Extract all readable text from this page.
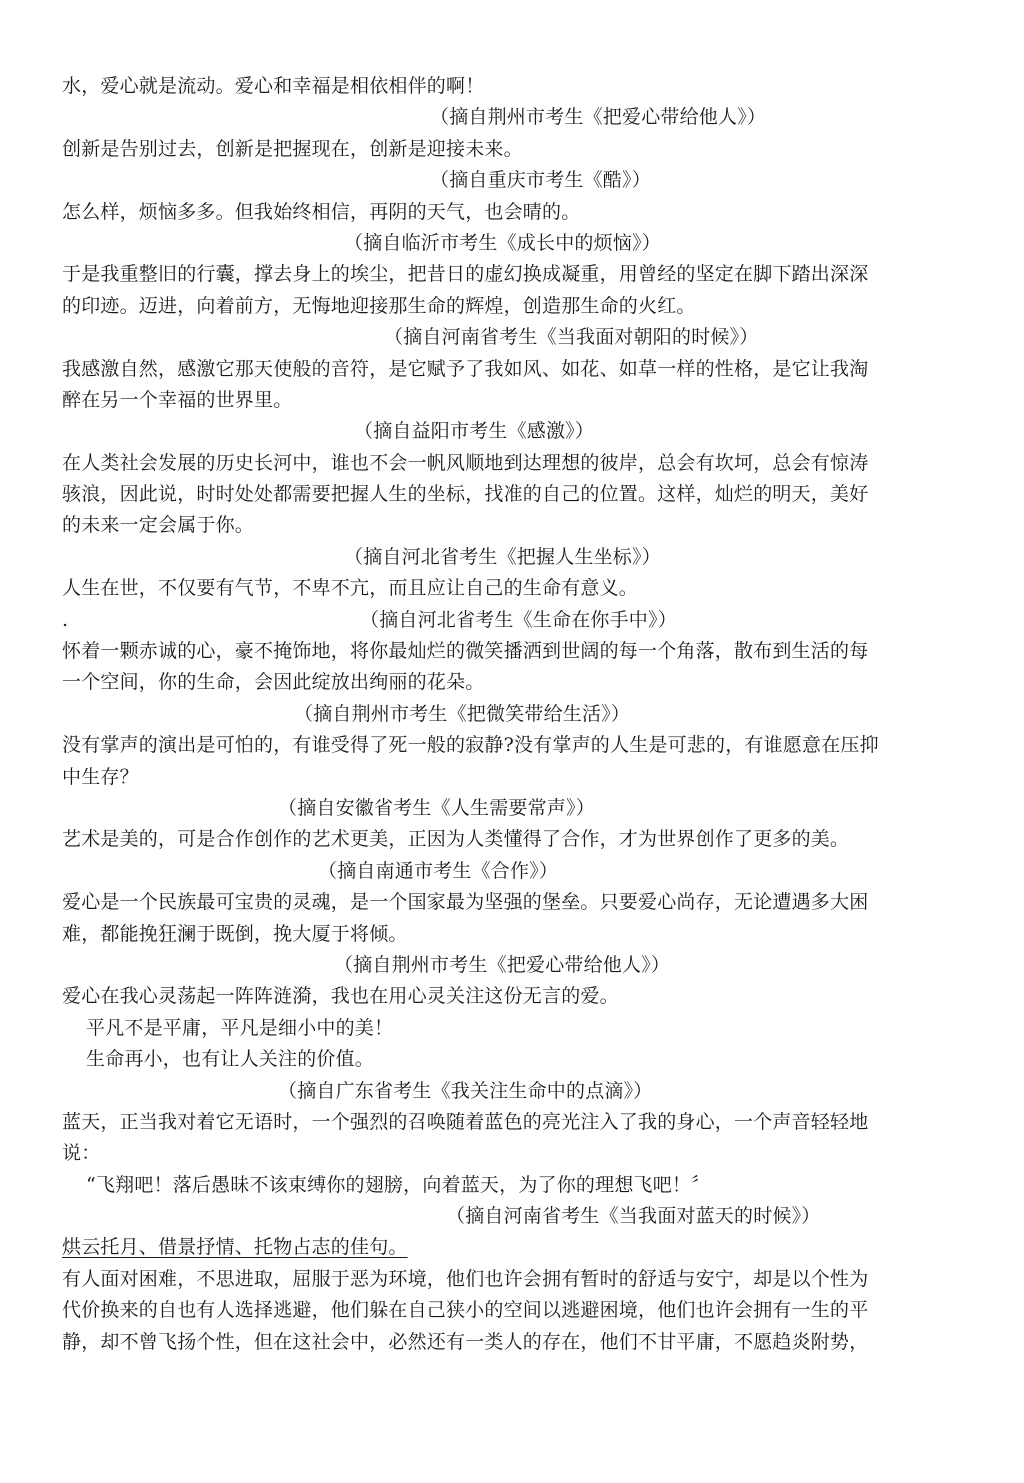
水，爱心就是流动。爱心和幸福是相依相伴的啊！
（摘自荆州市考生《把爱心带给他人》）
创新是告别过去，创新是把握现在，创新是迎接未来。
（摘自重庆市考生《酷》）
怎么样，烦恼多多。但我始终相信，再阴的天气，也会晴的。
（摘自临沂市考生《成长中的烦恼》）
于是我重整旧的行囊，撑去身上的埃尘，把昔日的虚幻换成凝重，用曾经的坚定在脚下踏出深深
的印迹。迈进，向着前方，无悔地迎接那生命的辉煌，创造那生命的火红。
（摘自河南省考生《当我面对朝阳的时候》）
我感激自然，感激它那天使般的音符，是它赋予了我如风、如花、如草一样的性格，是它让我淘
醉在另一个幸福的世界里。
（摘自益阳市考生《感激》）
在人类社会发展的历史长河中，谁也不会一帆风顺地到达理想的彼岸，总会有坎坷，总会有惊涛
骇浪，因此说，时时处处都需要把握人生的坐标，找准的自己的位置。这样，灿烂的明天，美好
的未来一定会属于你。
（摘自河北省考生《把握人生坐标》）
人生在世，不仅要有气节，不卑不亢，而且应让自己的生命有意义。
.	（摘自河北省考生《生命在你手中》）
怀着一颗赤诚的心，豪不掩饰地，将你最灿烂的微笑播洒到世阔的每一个角落，散布到生活的每
一个空间，你的生命，会因此绽放出绚丽的花朵。
（摘自荆州市考生《把微笑带给生活》）
没有掌声的演出是可怕的，有谁受得了死一般的寂静?没有掌声的人生是可悲的，有谁愿意在压抑
中生存？
（摘自安徽省考生《人生需要常声》）
艺术是美的，可是合作创作的艺术更美，正因为人类懂得了合作，才为世界创作了更多的美。
（摘自南通市考生《合作》）
爱心是一个民族最可宝贵的灵魂，是一个国家最为坚强的堡垒。只要爱心尚存，无论遭遇多大困
难，都能挽狂澜于既倒，挽大厦于将倾。
（摘自荆州市考生《把爱心带给他人》）
爱心在我心灵荡起一阵阵涟漪，我也在用心灵关注这份无言的爱。
平凡不是平庸，平凡是细小中的美！
生命再小，也有让人关注的价值。
（摘自广东省考生《我关注生命中的点滴》）
蓝天，正当我对着它无语时，一个强烈的召唤随着蓝色的亮光注入了我的身心，一个声音轻轻地
说：
“飞翔吧！落后愚昧不该束缚你的翅膀，向着蓝天，为了你的理想飞吧！〞
（摘自河南省考生《当我面对蓝天的时候》）
烘云托月、借景抒情、托物占志的佳句。
有人面对困难，不思进取，屈服于恶为环境，他们也许会拥有暂时的舒适与安宁，却是以个性为
代价换来的自也有人选择逃避，他们躲在自己狭小的空间以逃避困境，他们也许会拥有一生的平
静，却不曾飞扬个性，但在这社会中，必然还有一类人的存在，他们不甘平庸，不愿趋炎附势，
